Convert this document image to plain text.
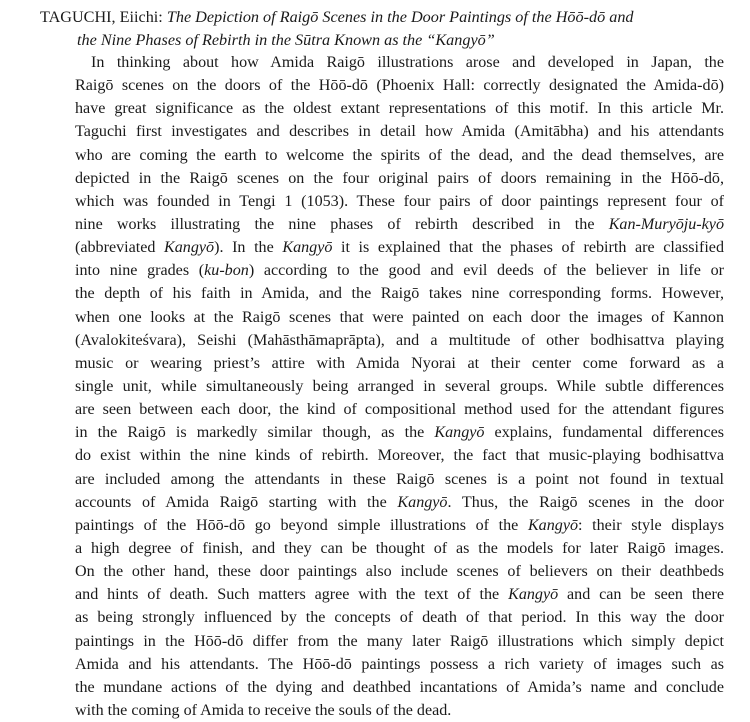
TAGUCHI, Eiichi: The Depiction of Raigō Scenes in the Door Paintings of the Hōō-dō and
the Nine Phases of Rebirth in the Sūtra Known as the “Kangyō”
In thinking about how Amida Raigō illustrations arose and developed in Japan, the
Raigō scenes on the doors of the Hōō-dō (Phoenix Hall: correctly designated the Amida-dō)
have great significance as the oldest extant representations of this motif. In this article Mr.
Taguchi first investigates and describes in detail how Amida (Amitābha) and his attendants
who are coming the earth to welcome the spirits of the dead, and the dead themselves, are
depicted in the Raigō scenes on the four original pairs of doors remaining in the Hōō-dō,
which was founded in Tengi 1 (1053). These four pairs of door paintings represent four of
nine works illustrating the nine phases of rebirth described in the Kan-Muryōju-kyō
(abbreviated Kangyō). In the Kangyō it is explained that the phases of rebirth are classified
into nine grades (ku-bon) according to the good and evil deeds of the believer in life or
the depth of his faith in Amida, and the Raigō takes nine corresponding forms. However,
when one looks at the Raigō scenes that were painted on each door the images of Kannon
(Avalokiteśvara), Seishi (Mahāsthāmaprāpta), and a multitude of other bodhisattva playing
music or wearing priest’s attire with Amida Nyorai at their center come forward as a
single unit, while simultaneously being arranged in several groups. While subtle differences
are seen between each door, the kind of compositional method used for the attendant figures
in the Raigō is markedly similar though, as the Kangyō explains, fundamental differences
do exist within the nine kinds of rebirth. Moreover, the fact that music-playing bodhisattva
are included among the attendants in these Raigō scenes is a point not found in textual
accounts of Amida Raigō starting with the Kangyō. Thus, the Raigō scenes in the door
paintings of the Hōō-dō go beyond simple illustrations of the Kangyō: their style displays
a high degree of finish, and they can be thought of as the models for later Raigō images.
On the other hand, these door paintings also include scenes of believers on their deathbeds
and hints of death. Such matters agree with the text of the Kangyō and can be seen there
as being strongly influenced by the concepts of death of that period. In this way the door
paintings in the Hōō-dō differ from the many later Raigō illustrations which simply depict
Amida and his attendants. The Hōō-dō paintings possess a rich variety of images such as
the mundane actions of the dying and deathbed incantations of Amida’s name and conclude
with the coming of Amida to receive the souls of the dead.
